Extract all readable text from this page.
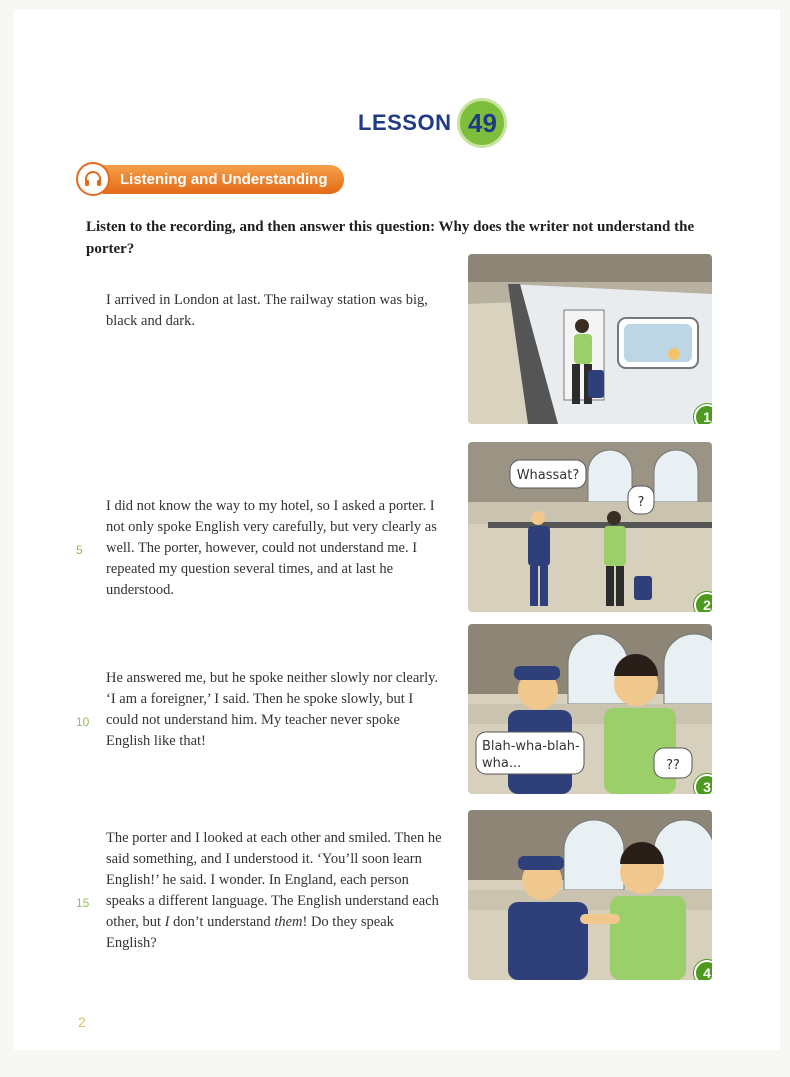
LESSON 49
Listening and Understanding
Listen to the recording, and then answer this question: Why does the writer not understand the porter?
I arrived in London at last. The railway station was big, black and dark.
I did not know the way to my hotel, so I asked a porter. I not only spoke English very carefully, but very clearly as well. The porter, however, could not understand me. I repeated my question several times, and at last he understood.
5
He answered me, but he spoke neither slowly nor clearly. ‘I am a foreigner,’ I said. Then he spoke slowly, but I could not understand him. My teacher never spoke English like that!
10
The porter and I looked at each other and smiled. Then he said something, and I understood it. ‘You’ll soon learn English!’ he said. I wonder. In England, each person speaks a different language. The English understand each other, but I don’t understand them! Do they speak English?
15
1
Whassat?
?
2
Blah-wha-blah-
wha...	??
3
4
2
